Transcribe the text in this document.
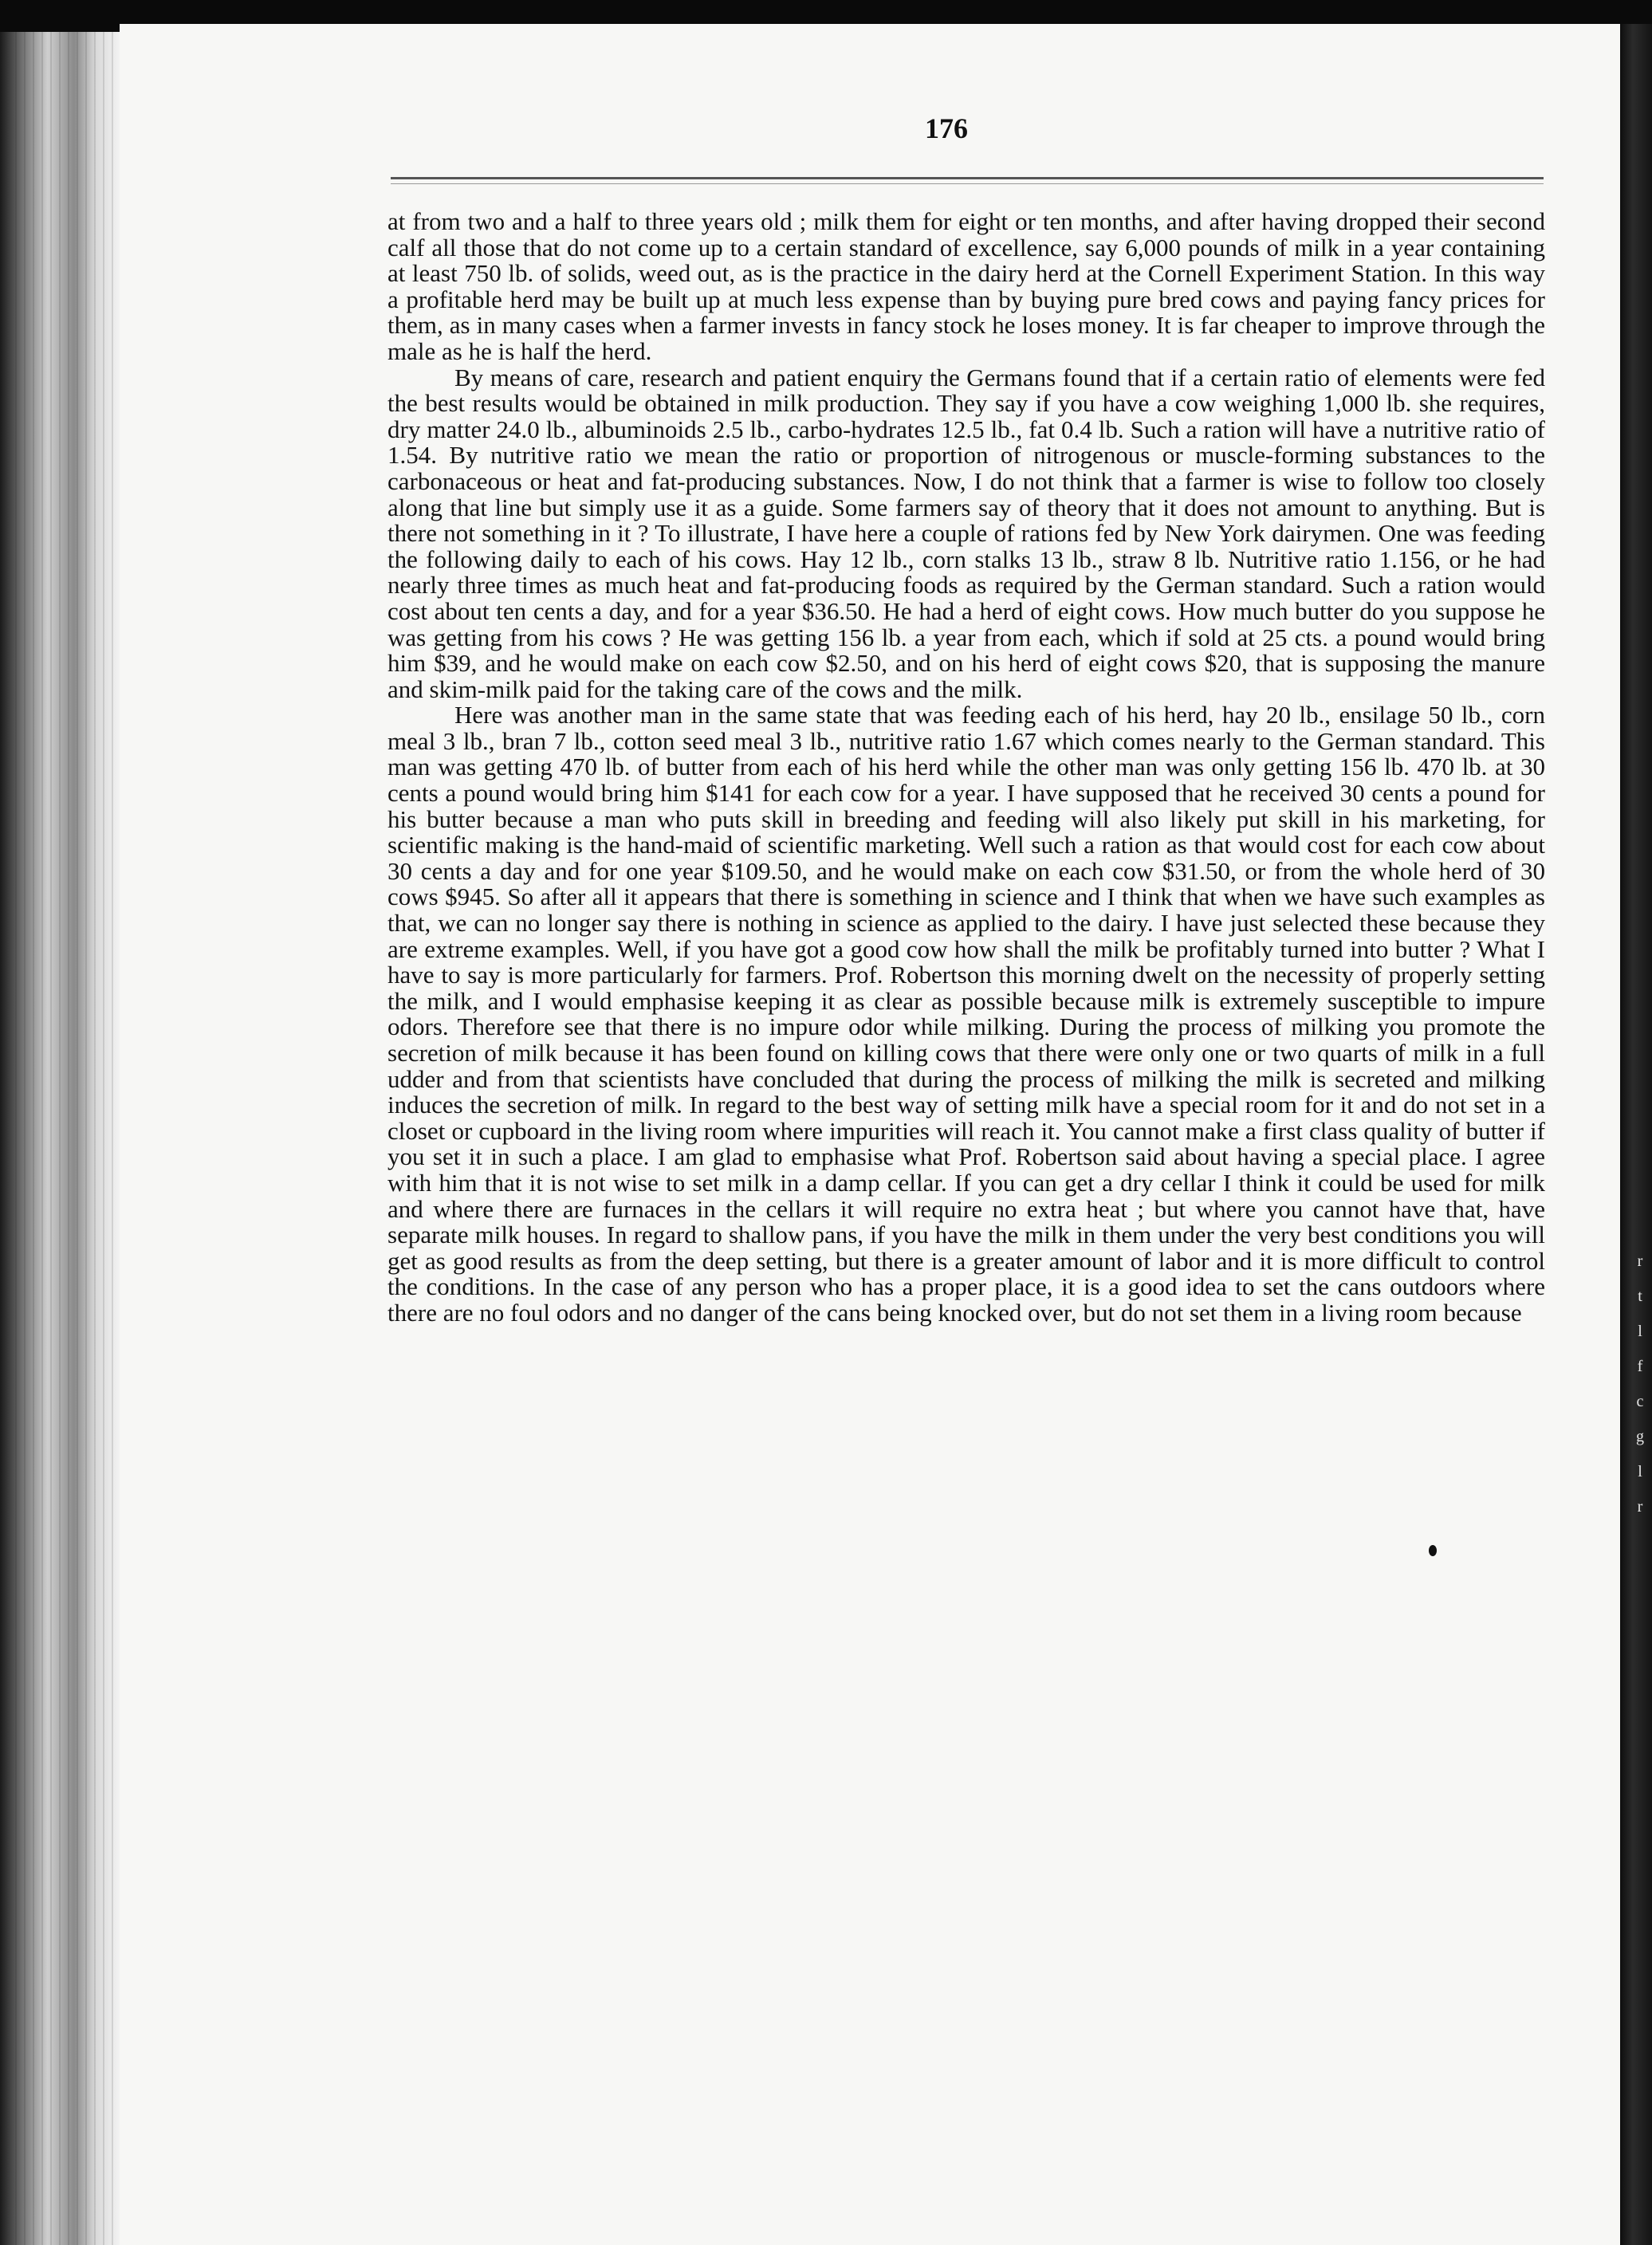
r
t
l
f
c
g
l
r
176

at from two and a half to three years old ; milk them for eight or ten months, and after having dropped their second calf all those that do not come up to a certain standard of excellence, say 6,000 pounds of milk in a year containing at least 750 lb. of solids, weed out, as is the practice in the dairy herd at the Cornell Experiment Station. In this way a profitable herd may be built up at much less expense than by buying pure bred cows and paying fancy prices for them, as in many cases when a farmer invests in fancy stock he loses money. It is far cheaper to improve through the male as he is half the herd.

By means of care, research and patient enquiry the Germans found that if a certain ratio of elements were fed the best results would be obtained in milk production. They say if you have a cow weighing 1,000 lb. she requires, dry matter 24.0 lb., albuminoids 2.5 lb., carbo-hydrates 12.5 lb., fat 0.4 lb. Such a ration will have a nutritive ratio of 1.54. By nutritive ratio we mean the ratio or proportion of nitrogenous or muscle-forming substances to the carbonaceous or heat and fat-producing substances. Now, I do not think that a farmer is wise to follow too closely along that line but simply use it as a guide. Some farmers say of theory that it does not amount to anything. But is there not something in it ? To illustrate, I have here a couple of rations fed by New York dairymen. One was feeding the following daily to each of his cows. Hay 12 lb., corn stalks 13 lb., straw 8 lb. Nutritive ratio 1.156, or he had nearly three times as much heat and fat-producing foods as required by the German standard. Such a ration would cost about ten cents a day, and for a year $36.50. He had a herd of eight cows. How much butter do you suppose he was getting from his cows ? He was getting 156 lb. a year from each, which if sold at 25 cts. a pound would bring him $39, and he would make on each cow $2.50, and on his herd of eight cows $20, that is supposing the manure and skim-milk paid for the taking care of the cows and the milk.

Here was another man in the same state that was feeding each of his herd, hay 20 lb., ensilage 50 lb., corn meal 3 lb., bran 7 lb., cotton seed meal 3 lb., nutritive ratio 1.67 which comes nearly to the German standard. This man was getting 470 lb. of butter from each of his herd while the other man was only getting 156 lb. 470 lb. at 30 cents a pound would bring him $141 for each cow for a year. I have supposed that he received 30 cents a pound for his butter because a man who puts skill in breeding and feeding will also likely put skill in his marketing, for scientific making is the hand-maid of scientific marketing. Well such a ration as that would cost for each cow about 30 cents a day and for one year $109.50, and he would make on each cow $31.50, or from the whole herd of 30 cows $945. So after all it appears that there is something in science and I think that when we have such examples as that, we can no longer say there is nothing in science as applied to the dairy. I have just selected these because they are extreme examples. Well, if you have got a good cow how shall the milk be profitably turned into butter ? What I have to say is more particularly for farmers. Prof. Robertson this morning dwelt on the necessity of properly setting the milk, and I would emphasise keeping it as clear as possible because milk is extremely susceptible to impure odors. Therefore see that there is no impure odor while milking. During the process of milking you promote the secretion of milk because it has been found on killing cows that there were only one or two quarts of milk in a full udder and from that scientists have concluded that during the process of milking the milk is secreted and milking induces the secretion of milk. In regard to the best way of setting milk have a special room for it and do not set in a closet or cupboard in the living room where impurities will reach it. You cannot make a first class quality of butter if you set it in such a place. I am glad to emphasise what Prof. Robertson said about having a special place. I agree with him that it is not wise to set milk in a damp cellar. If you can get a dry cellar I think it could be used for milk and where there are furnaces in the cellars it will require no extra heat ; but where you cannot have that, have separate milk houses. In regard to shallow pans, if you have the milk in them under the very best conditions you will get as good results as from the deep setting, but there is a greater amount of labor and it is more difficult to control the conditions. In the case of any person who has a proper place, it is a good idea to set the cans outdoors where there are no foul odors and no danger of the cans being knocked over, but do not set them in a living room because
